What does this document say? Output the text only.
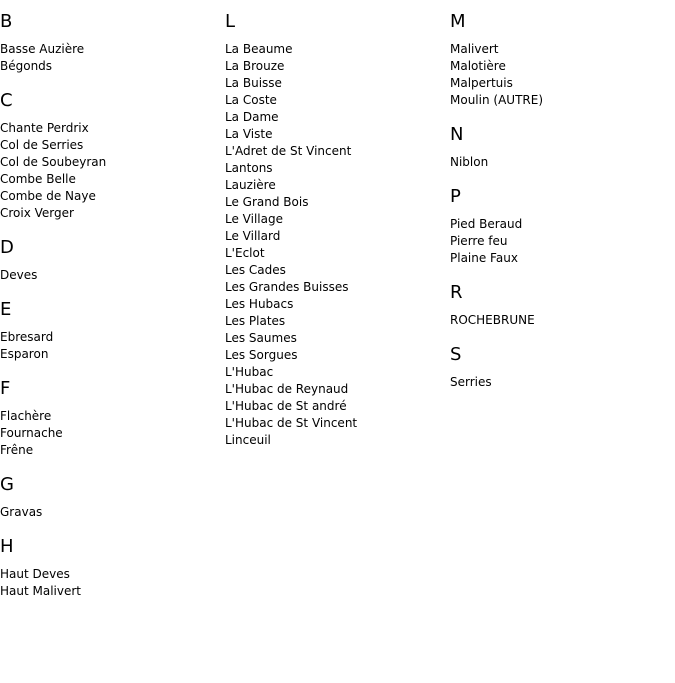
B
Basse Auzière
Bégonds
C
Chante Perdrix
Col de Serries
Col de Soubeyran
Combe Belle
Combe de Naye
Croix Verger
D
Deves
E
Ebresard
Esparon
F
Flachère
Fournache
Frêne
G
Gravas
H
Haut Deves
Haut Malivert
L
La Beaume
La Brouze
La Buisse
La Coste
La Dame
La Viste
L'Adret de St Vincent
Lantons
Lauzière
Le Grand Bois
Le Village
Le Villard
L'Eclot
Les Cades
Les Grandes Buisses
Les Hubacs
Les Plates
Les Saumes
Les Sorgues
L'Hubac
L'Hubac de Reynaud
L'Hubac de St andré
L'Hubac de St Vincent
Linceuil
M
Malivert
Malotière
Malpertuis
Moulin (AUTRE)
N
Niblon
P
Pied Beraud
Pierre feu
Plaine Faux
R
ROCHEBRUNE
S
Serries
